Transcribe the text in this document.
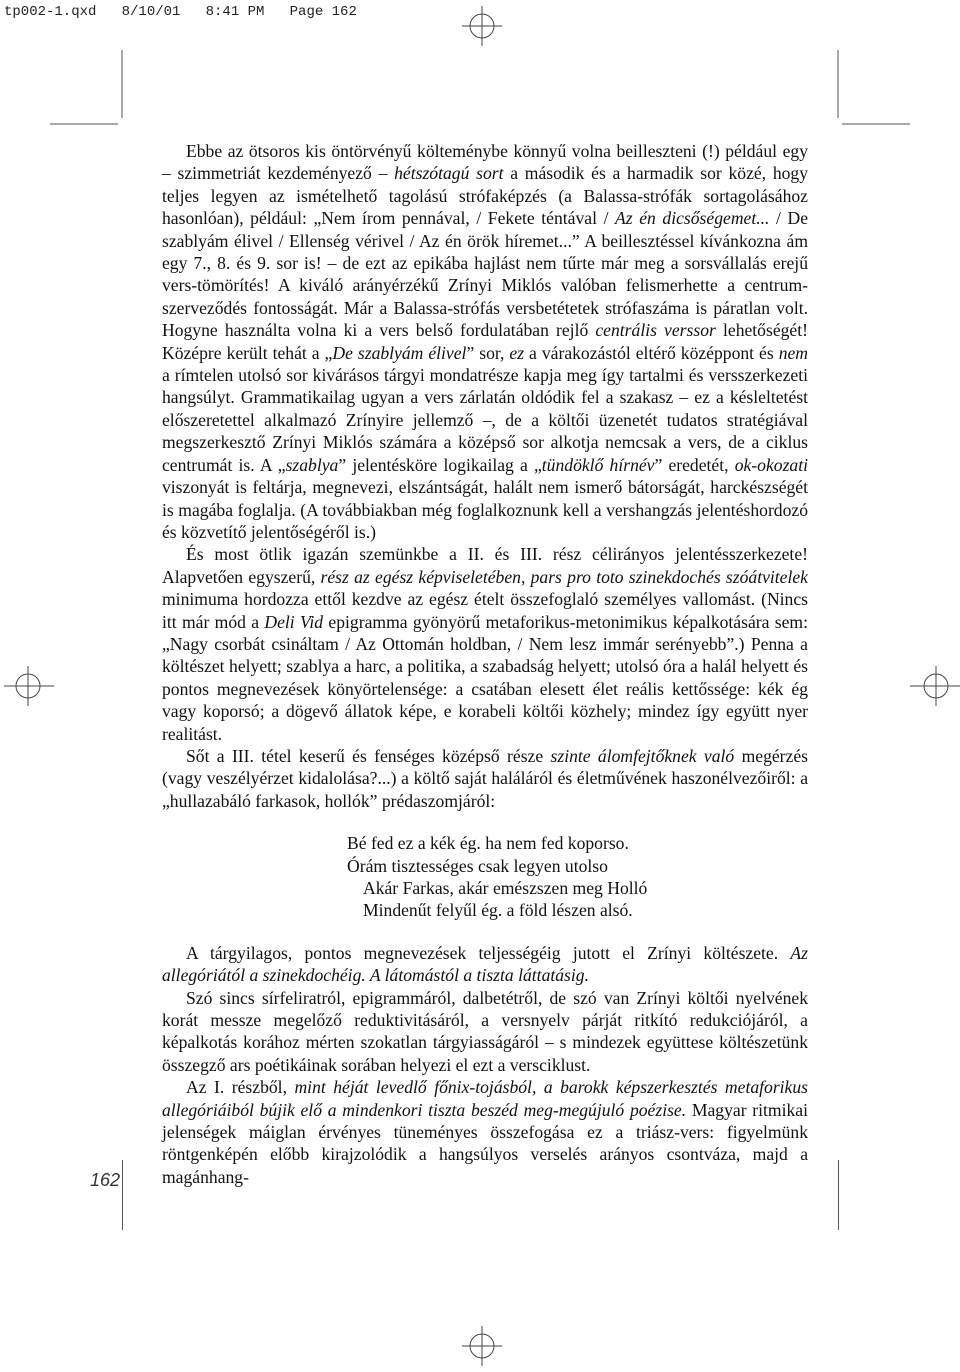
tp002-1.qxd   8/10/01   8:41 PM   Page 162

Ebbe az ötsoros kis öntörvényű költeménybe könnyű volna beilleszteni (!) például egy – szimmetriát kezdeményező – hétszótagú sort a második és a harmadik sor közé, hogy teljes legyen az ismételhető tagolású strófaképzés (a Balassa-strófák sortagolásához hasonlóan), például: „Nem írom pennával, / Fekete téntával / Az én dicsőségemet... / De szablyám élivel / Ellenség vérivel / Az én örök híremet...” A beillesztéssel kívánkozna ám egy 7., 8. és 9. sor is! – de ezt az epikába hajlást nem tűrte már meg a sorsvállalás erejű vers-tömörítés! A kiváló arányérzékű Zrínyi Miklós valóban felismerhette a centrum-szerveződés fontosságát. Már a Balassa-strófás versbetétetek strófaszáma is páratlan volt. Hogyne használta volna ki a vers belső fordulatában rejlő centrális verssor lehetőségét! Középre került tehát a „De szablyám élivel” sor, ez a várakozástól eltérő középpont és nem a rímtelen utolsó sor kivárásos tárgyi mondatrésze kapja meg így tartalmi és versszerkezeti hangsúlyt. Grammatikailag ugyan a vers zárlatán oldódik fel a szakasz – ez a késleltetést előszeretettel alkalmazó Zrínyire jellemző –, de a költői üzenetét tudatos stratégiával megszerkesztő Zrínyi Miklós számára a középső sor alkotja nemcsak a vers, de a ciklus centrumát is. A „szablya” jelentésköre logikailag a „tündöklő hírnév” eredetét, ok-okozati viszonyát is feltárja, megnevezi, elszántságát, halált nem ismerő bátorságát, harckészségét is magába foglalja. (A továbbiakban még foglalkoznunk kell a vershangzás jelentéshordozó és közvetítő jelentőségéről is.)

És most ötlik igazán szemünkbe a II. és III. rész célirányos jelentésszerkezete! Alapvetően egyszerű, rész az egész képviseletében, pars pro toto szinekdochés szóátvitelek minimuma hordozza ettől kezdve az egész ételt összefoglaló személyes vallomást. (Nincs itt már mód a Deli Vid epigramma gyönyörű metaforikus-metonimikus képalkotására sem: „Nagy csorbát csináltam / Az Ottomán holdban, / Nem lesz immár serényebb”.) Penna a költészet helyett; szablya a harc, a politika, a szabadság helyett; utolsó óra a halál helyett és pontos megnevezések könyörtelensége: a csatában elesett élet reális kettőssége: kék ég vagy koporsó; a dögevő állatok képe, e korabeli költői közhely; mindez így együtt nyer realitást.

Sőt a III. tétel keserű és fenséges középső része szinte álomfejtőknek való megérzés (vagy veszélyérzet kidalolása?...) a költő saját haláláról és életművének haszonélvezőiről: a „hullazabáló farkasok, hollók” prédaszomjáról:

Bé fed ez a kék ég. ha nem fed koporso.
Órám tisztességes csak legyen utolso
Akár Farkas, akár emészszen meg Holló
Mindenűt felyűl ég. a föld lészen alsó.

A tárgyilagos, pontos megnevezések teljességéig jutott el Zrínyi költészete. Az allegóriától a szinekdochéig. A látomástól a tiszta láttatásig.

Szó sincs sírfeliratról, epigrammáról, dalbetétről, de szó van Zrínyi költői nyelvének korát messze megelőző reduktivitásáról, a versnyelv párját ritkító redukciójáról, a képalkotás korához mérten szokatlan tárgyiasságáról – s mindezek együttese költészetünk összegző ars poétikáinak sorában helyezi el ezt a versciklust.

Az I. részből, mint héját levedlő főnix-tojásból, a barokk képszerkesztés metaforikus allegóriáiból bújik elő a mindenkori tiszta beszéd meg-megújuló poézise. Magyar ritmikai jelenségek máiglan érvényes tüneményes összefogása ez a triász-vers: figyelmünk röntgenképén előbb kirajzolódik a hangsúlyos verselés arányos csontváza, majd a magánhang-

162
